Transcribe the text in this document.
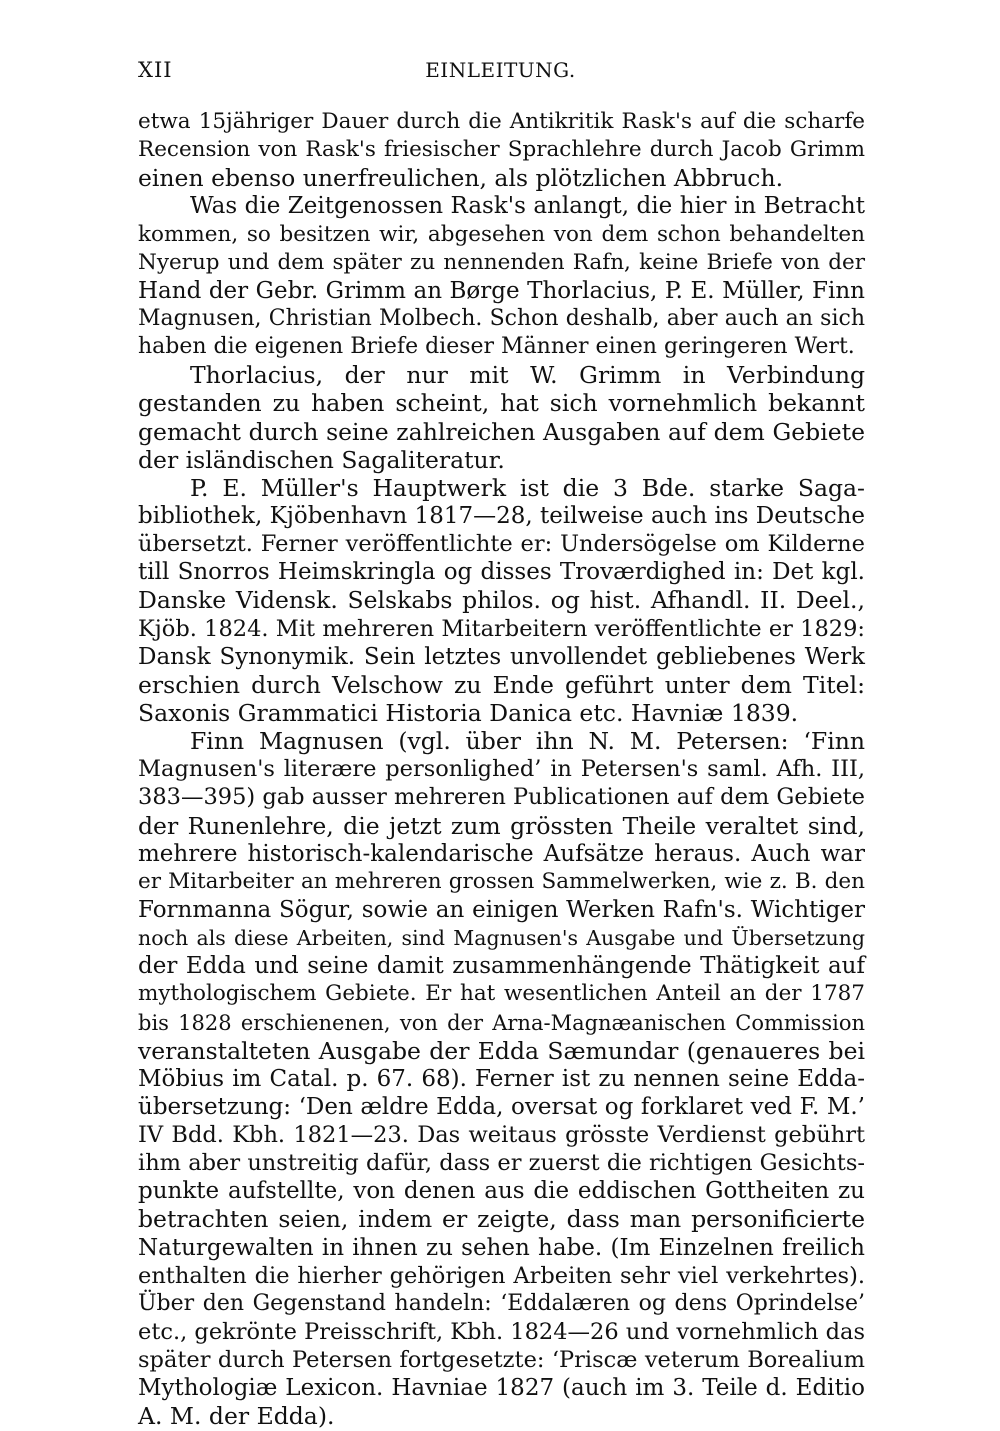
XII	EINLEITUNG.
etwa 15jähriger Dauer durch die Antikritik Rask's auf die scharfe
Recension von Rask's friesischer Sprachlehre durch Jacob Grimm
einen ebenso unerfreulichen, als plötzlichen Abbruch.
Was die Zeitgenossen Rask's anlangt, die hier in Betracht
kommen, so besitzen wir, abgesehen von dem schon behandelten
Nyerup und dem später zu nennenden Rafn, keine Briefe von der
Hand der Gebr. Grimm an Børge Thorlacius, P. E. Müller, Finn
Magnusen, Christian Molbech. Schon deshalb, aber auch an sich
haben die eigenen Briefe dieser Männer einen geringeren Wert.
Thorlacius, der nur mit W. Grimm in Verbindung
gestanden zu haben scheint, hat sich vornehmlich bekannt
gemacht durch seine zahlreichen Ausgaben auf dem Gebiete
der isländischen Sagaliteratur.
P. E. Müller's Hauptwerk ist die 3 Bde. starke Saga-
bibliothek, Kjöbenhavn 1817—28, teilweise auch ins Deutsche
übersetzt. Ferner veröffentlichte er: Undersögelse om Kilderne
till Snorros Heimskringla og disses Troværdighed in: Det kgl.
Danske Vidensk. Selskabs philos. og hist. Afhandl. II. Deel.,
Kjöb. 1824. Mit mehreren Mitarbeitern veröffentlichte er 1829:
Dansk Synonymik. Sein letztes unvollendet gebliebenes Werk
erschien durch Velschow zu Ende geführt unter dem Titel:
Saxonis Grammatici Historia Danica etc. Havniæ 1839.
Finn Magnusen (vgl. über ihn N. M. Petersen: ‘Finn
Magnusen's literære personlighed’ in Petersen's saml. Afh. III,
383—395) gab ausser mehreren Publicationen auf dem Gebiete
der Runenlehre, die jetzt zum grössten Theile veraltet sind,
mehrere historisch-kalendarische Aufsätze heraus. Auch war
er Mitarbeiter an mehreren grossen Sammelwerken, wie z. B. den
Fornmanna Sögur, sowie an einigen Werken Rafn's. Wichtiger
noch als diese Arbeiten, sind Magnusen's Ausgabe und Übersetzung
der Edda und seine damit zusammenhängende Thätigkeit auf
mythologischem Gebiete. Er hat wesentlichen Anteil an der 1787
bis 1828 erschienenen, von der Arna-Magnæanischen Commission
veranstalteten Ausgabe der Edda Sæmundar (genaueres bei
Möbius im Catal. p. 67. 68). Ferner ist zu nennen seine Edda-
übersetzung: ‘Den ældre Edda, oversat og forklaret ved F. M.’
IV Bdd. Kbh. 1821—23. Das weitaus grösste Verdienst gebührt
ihm aber unstreitig dafür, dass er zuerst die richtigen Gesichts-
punkte aufstellte, von denen aus die eddischen Gottheiten zu
betrachten seien, indem er zeigte, dass man personificierte
Naturgewalten in ihnen zu sehen habe. (Im Einzelnen freilich
enthalten die hierher gehörigen Arbeiten sehr viel verkehrtes).
Über den Gegenstand handeln: ‘Eddalæren og dens Oprindelse’
etc., gekrönte Preisschrift, Kbh. 1824—26 und vornehmlich das
später durch Petersen fortgesetzte: ‘Priscæ veterum Borealium
Mythologiæ Lexicon. Havniae 1827 (auch im 3. Teile d. Editio
A. M. der Edda).
